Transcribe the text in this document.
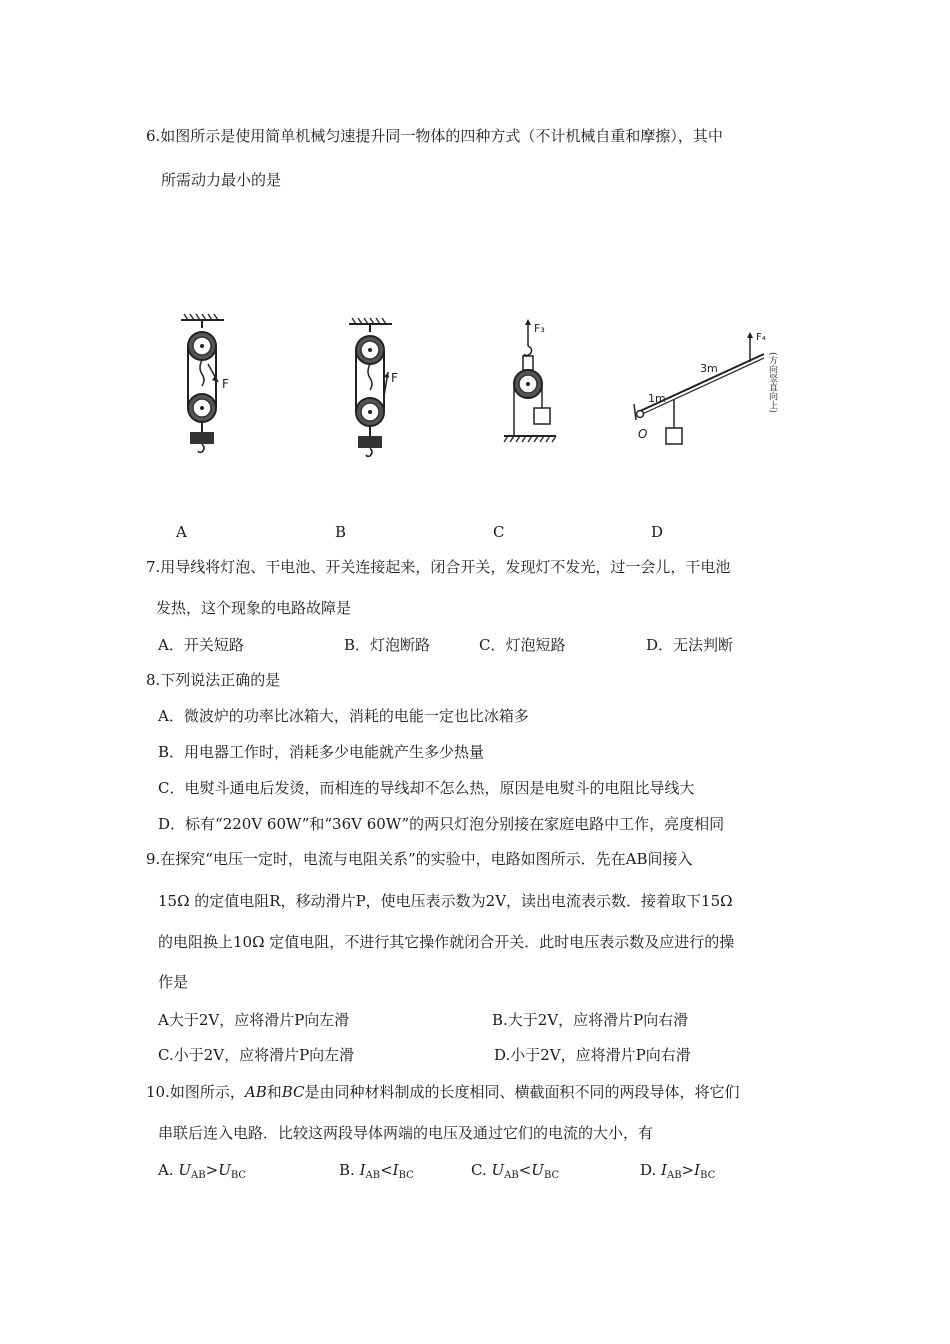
6.如图所示是使用简单机械匀速提升同一物体的四种方式（不计机械自重和摩擦），其中
所需动力最小的是
F	F
F₃
O
1m
3m
F₄
(方向竖直向上)
A	B	C	D
7.用导线将灯泡、干电池、开关连接起来，闭合开关，发现灯不发光，过一会儿，干电池
发热，这个现象的电路故障是
A．开关短路	B．灯泡断路	C．灯泡短路	D．无法判断
8.下列说法正确的是
A．微波炉的功率比冰箱大，消耗的电能一定也比冰箱多
B．用电器工作时，消耗多少电能就产生多少热量
C．电熨斗通电后发烫，而相连的导线却不怎么热，原因是电熨斗的电阻比导线大
D．标有“220V 60W”和“36V 60W”的两只灯泡分别接在家庭电路中工作，亮度相同
9.在探究“电压一定时，电流与电阻关系”的实验中，电路如图所示．先在AB间接入
15Ω 的定值电阻R，移动滑片P，使电压表示数为2V，读出电流表示数．接着取下15Ω
的电阻换上10Ω 定值电阻，不进行其它操作就闭合开关．此时电压表示数及应进行的操
作是
A大于2V，应将滑片P向左滑	B.大于2V，应将滑片P向右滑
C.小于2V，应将滑片P向左滑	D.小于2V，应将滑片P向右滑
10.如图所示，AB和BC是由同种材料制成的长度相同、横截面积不同的两段导体，将它们
串联后连入电路．比较这两段导体两端的电压及通过它们的电流的大小，有
A. $U_{AB}>U_{BC}$	B. $I_{AB}<I_{BC}$	C. $U_{AB}<U_{BC}$	D. $I_{AB}>I_{BC}$
